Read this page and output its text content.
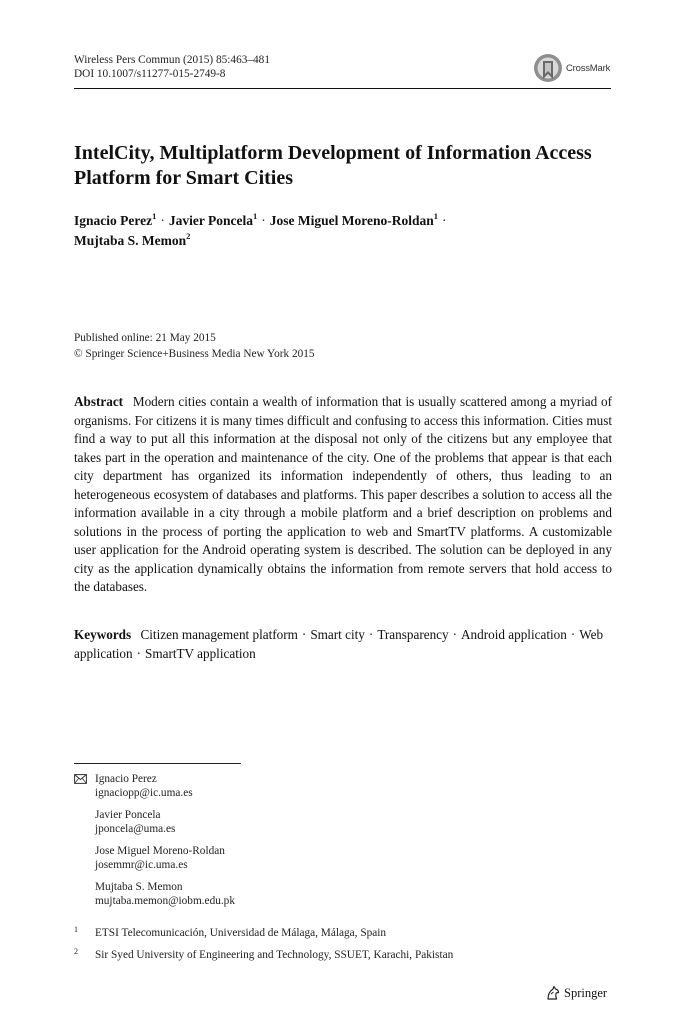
Wireless Pers Commun (2015) 85:463–481
DOI 10.1007/s11277-015-2749-8	CrossMark
IntelCity, Multiplatform Development of Information Access Platform for Smart Cities
Ignacio Perez$^1$ · Javier Poncela$^1$ · Jose Miguel Moreno-Roldan$^1$ ·
Mujtaba S. Memon$^2$
Published online: 21 May 2015
© Springer Science+Business Media New York 2015
Abstract Modern cities contain a wealth of information that is usually scattered among a myriad of organisms. For citizens it is many times difficult and confusing to access this information. Cities must find a way to put all this information at the disposal not only of the citizens but any employee that takes part in the operation and maintenance of the city. One of the problems that appear is that each city department has organized its information independently of others, thus leading to an heterogeneous ecosystem of databases and platforms. This paper describes a solution to access all the information available in a city through a mobile platform and a brief description on problems and solutions in the process of porting the application to web and SmartTV platforms. A customizable user application for the Android operating system is described. The solution can be deployed in any city as the application dynamically obtains the information from remote servers that hold access to the databases.
Keywords Citizen management platform · Smart city · Transparency · Android application · Web application · SmartTV application
Ignacio Perez
ignaciopp@ic.uma.es
Javier Poncela
jponcela@uma.es
Jose Miguel Moreno-Roldan
josemmr@ic.uma.es
Mujtaba S. Memon
mujtaba.memon@iobm.edu.pk
1 ETSI Telecomunicación, Universidad de Málaga, Málaga, Spain
2 Sir Syed University of Engineering and Technology, SSUET, Karachi, Pakistan
Springer
